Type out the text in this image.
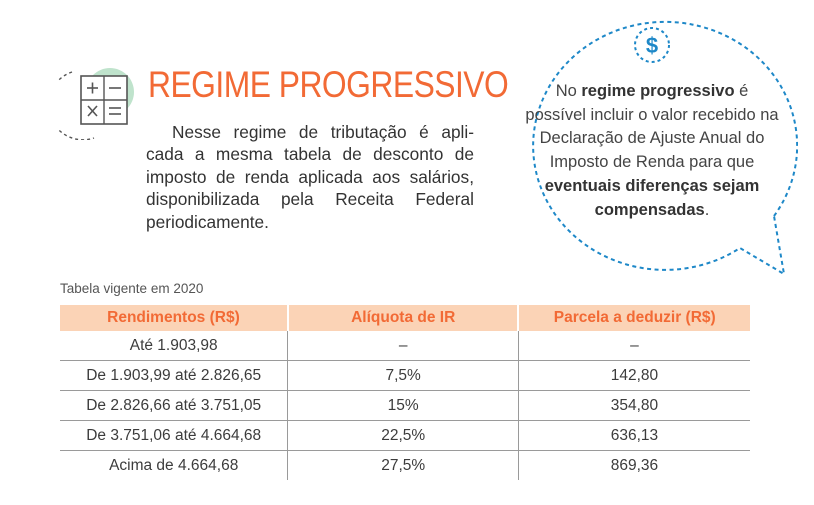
REGIME PROGRESSIVO
Nesse regime de tributação é apli- cada a mesma tabela de desconto de imposto de renda aplicada aos salários, disponibilizada pela Receita Federal periodicamente.
$
No regime progressivo é possível incluir o valor recebido na Declaração de Ajuste Anual do Imposto de Renda para que eventuais diferenças sejam compensadas.
Tabela vigente em 2020
Rendimentos (R$)	Alíquota de IR	Parcela a deduzir (R$)
Até 1.903,98	–	–
De 1.903,99 até 2.826,65	7,5%	142,80
De 2.826,66 até 3.751,05	15%	354,80
De 3.751,06 até 4.664,68	22,5%	636,13
Acima de 4.664,68	27,5%	869,36
